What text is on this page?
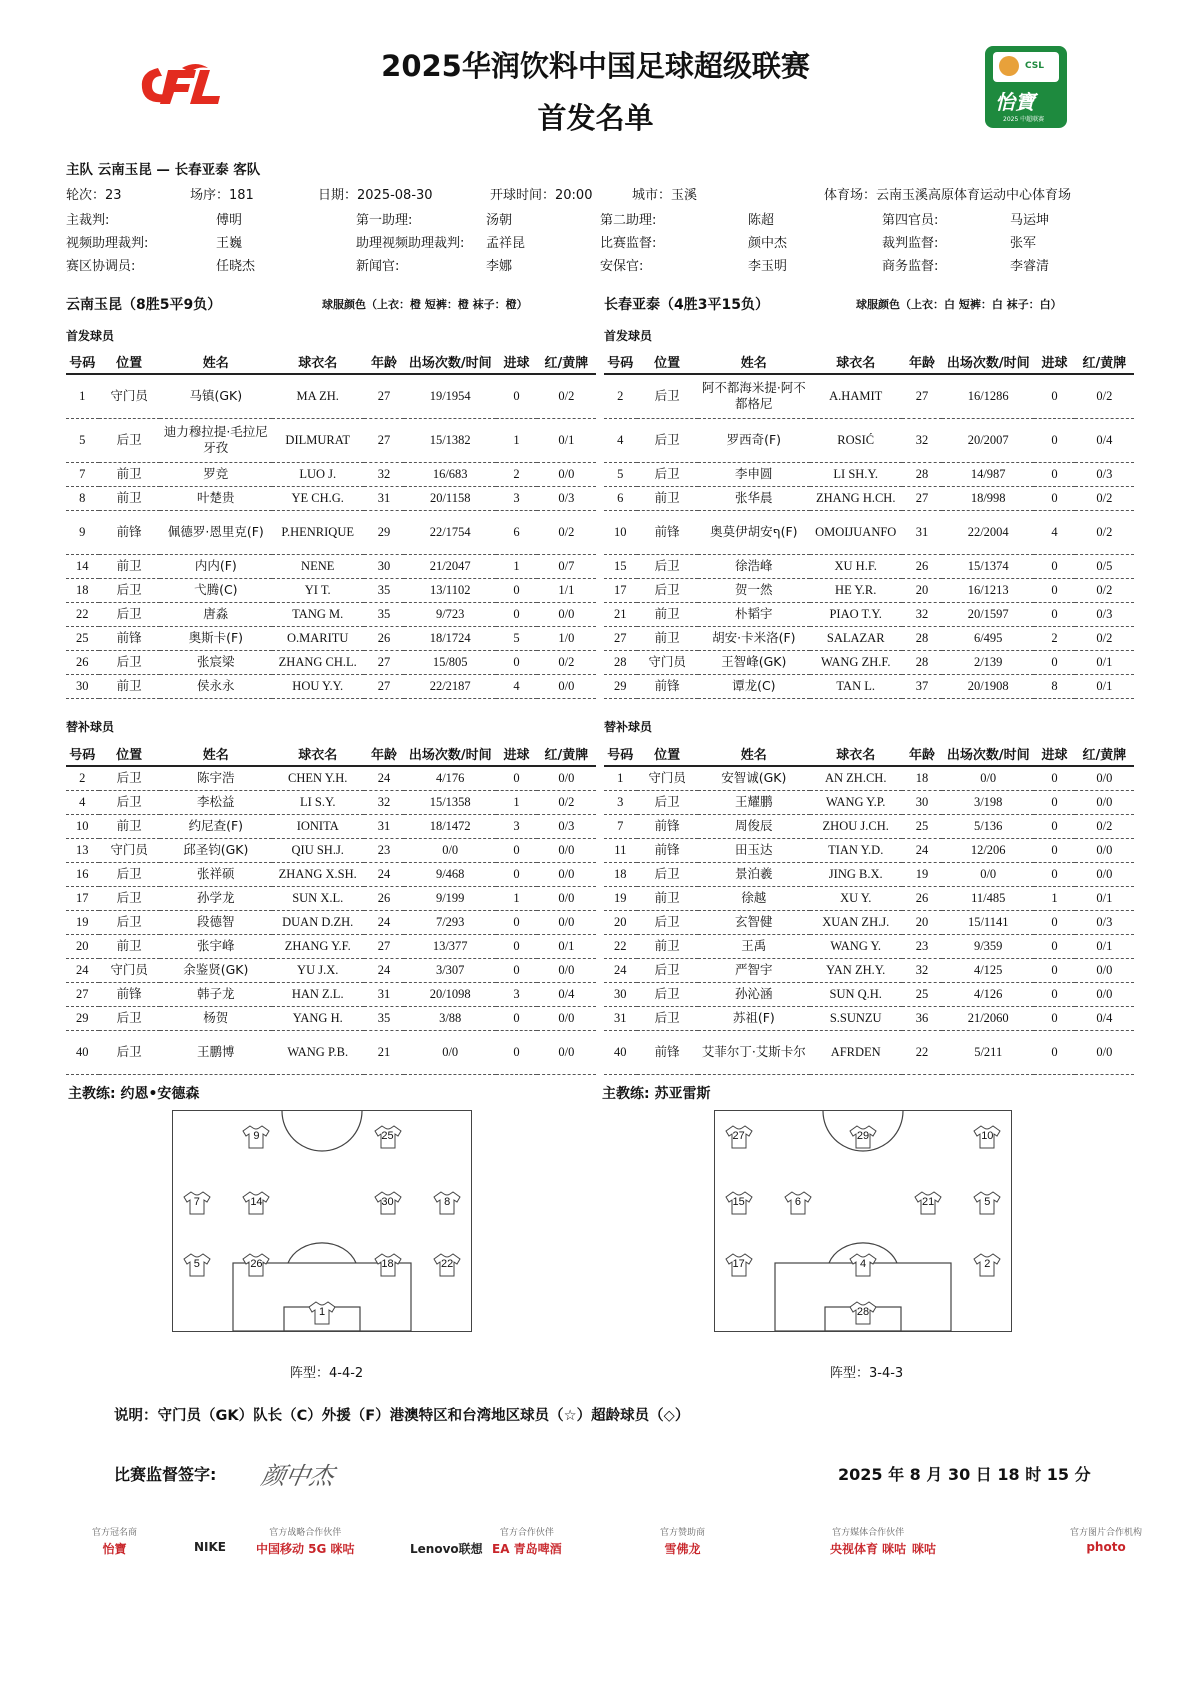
2025华润饮料中国足球超级联赛
首发名单
CSL
怡寶
2025 中超联赛
主队 云南玉昆 — 长春亚泰 客队
轮次：23	场序：181	日期：2025-08-30	开球时间：20:00	城市：玉溪	体育场：云南玉溪高原体育运动中心体育场
主裁判:	傅明	第一助理:	汤朝	第二助理:	陈超	第四官员:	马运坤
视频助理裁判:	王巍	助理视频助理裁判: 孟祥昆	比赛监督:	颜中杰	裁判监督:	张军
赛区协调员:	任晓杰	新闻官:	李娜	安保官:	李玉明	商务监督:	李睿清
云南玉昆（8胜5平9负）	球服颜色（上衣：橙 短裤：橙 袜子：橙）
首发球员
替补球员
长春亚泰（4胜3平15负）	球服颜色（上衣：白 短裤：白 袜子：白）
首发球员
替补球员
号码	位置	姓名	球衣名	年龄	出场次数/时间	进球	红/黄牌
1	守门员	马镇(GK)	MA ZH.	27	19/1954	0	0/2
5	后卫	迪力穆拉提·毛拉尼牙孜	DILMURAT	27	15/1382	1	0/1
7	前卫	罗竞	LUO J.	32	16/683	2	0/0
8	前卫	叶楚贵	YE CH.G.	31	20/1158	3	0/3
9	前锋	佩德罗·恩里克(F)	P.HENRIQUE	29	22/1754	6	0/2
14	前卫	内内(F)	NENE	30	21/2047	1	0/7
18	后卫	弋腾(C)	YI T.	35	13/1102	0	1/1
22	后卫	唐淼	TANG M.	35	9/723	0	0/0
25	前锋	奥斯卡(F)	O.MARITU	26	18/1724	5	1/0
26	后卫	张宸梁	ZHANG CH.L.	27	15/805	0	0/2
30	前卫	侯永永	HOU Y.Y.	27	22/2187	4	0/0
号码	位置	姓名	球衣名	年龄	出场次数/时间	进球	红/黄牌
2	后卫	阿不都海米提·阿不都格尼	A.HAMIT	27	16/1286	0	0/2
4	后卫	罗西奇(F)	ROSIĆ	32	20/2007	0	0/4
5	后卫	李申圆	LI SH.Y.	28	14/987	0	0/3
6	前卫	张华晨	ZHANG H.CH.	27	18/998	0	0/2
10	前锋	奥莫伊胡安ף(F)	OMOIJUANFO	31	22/2004	4	0/2
15	后卫	徐浩峰	XU H.F.	26	15/1374	0	0/5
17	后卫	贺一然	HE Y.R.	20	16/1213	0	0/2
21	前卫	朴韬宇	PIAO T.Y.	32	20/1597	0	0/3
27	前卫	胡安·卡米洛(F)	SALAZAR	28	6/495	2	0/2
28	守门员	王智峰(GK)	WANG ZH.F.	28	2/139	0	0/1
29	前锋	谭龙(C)	TAN L.	37	20/1908	8	0/1
号码	位置	姓名	球衣名	年龄	出场次数/时间	进球	红/黄牌
2	后卫	陈宇浩	CHEN Y.H.	24	4/176	0	0/0
4	后卫	李松益	LI S.Y.	32	15/1358	1	0/2
10	前卫	约尼查(F)	IONITA	31	18/1472	3	0/3
13	守门员	邱圣钧(GK)	QIU SH.J.	23	0/0	0	0/0
16	后卫	张祥硕	ZHANG X.SH.	24	9/468	0	0/0
17	后卫	孙学龙	SUN X.L.	26	9/199	1	0/0
19	后卫	段德智	DUAN D.ZH.	24	7/293	0	0/0
20	前卫	张宇峰	ZHANG Y.F.	27	13/377	0	0/1
24	守门员	余鉴贤(GK)	YU J.X.	24	3/307	0	0/0
27	前锋	韩子龙	HAN Z.L.	31	20/1098	3	0/4
29	后卫	杨贺	YANG H.	35	3/88	0	0/0
40	后卫	王鹏博	WANG P.B.	21	0/0	0	0/0
号码	位置	姓名	球衣名	年龄	出场次数/时间	进球	红/黄牌
1	守门员	安智诚(GK)	AN ZH.CH.	18	0/0	0	0/0
3	后卫	王耀鹏	WANG Y.P.	30	3/198	0	0/0
7	前锋	周俊辰	ZHOU J.CH.	25	5/136	0	0/2
11	前锋	田玉达	TIAN Y.D.	24	12/206	0	0/0
18	后卫	景泊羲	JING B.X.	19	0/0	0	0/0
19	前卫	徐越	XU Y.	26	11/485	1	0/1
20	后卫	玄智健	XUAN ZH.J.	20	15/1141	0	0/3
22	前卫	王禹	WANG Y.	23	9/359	0	0/1
24	后卫	严智宇	YAN ZH.Y.	32	4/125	0	0/0
30	后卫	孙沁涵	SUN Q.H.	25	4/126	0	0/0
31	后卫	苏祖(F)	S.SUNZU	36	21/2060	0	0/4
40	前锋	艾菲尔丁·艾斯卡尔	AFRDEN	22	5/211	0	0/0
主教练: 约恩•安德森	主教练: 苏亚雷斯
9	25
7	14	30	8
5	26	18	22
1
27	29	10
15	6	21	5
17	4	2
28
阵型：4-4-2	阵型：3-4-3
说明：守门员（GK）队长（C）外援（F）港澳特区和台湾地区球员（☆）超龄球员（◇）
比赛监督签字: 颜中杰	2025 年 8 月 30 日 18 时 15 分
官方冠名商
怡寶	NIKE
官方战略合作伙伴
中国移动 5G 咪咕	Lenovo联想
官方合作伙伴
EA 青岛啤酒
官方赞助商
雪佛龙
官方媒体合作伙伴
央视体育 咪咕 咪咕
官方图片合作机构
photo
